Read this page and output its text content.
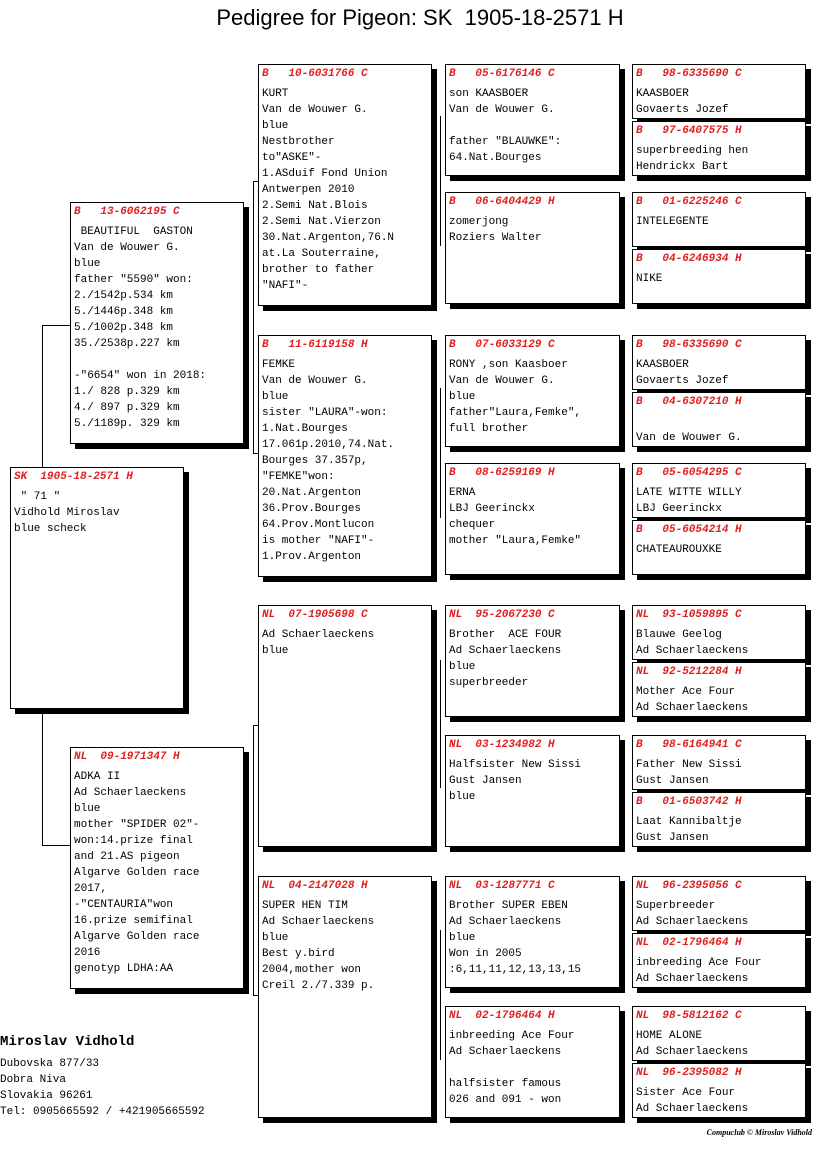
Pedigree for Pigeon: SK  1905-18-2571 H
SK  1905-18-2571 H
" 71 "
Vidhold Miroslav
blue scheck
B   13-6062195 C
BEAUTIFUL  GASTON
Van de Wouwer G.
blue
father "5590" won:
2./1542p.534 km
5./1446p.348 km
5./1002p.348 km
35./2538p.227 km
-"6654" won in 2018:
1./ 828 p.329 km
4./ 897 p.329 km
5./1189p. 329 km
NL  09-1971347 H
ADKA II
Ad Schaerlaeckens
blue
mother "SPIDER 02"-
won:14.prize final
and 21.AS pigeon
Algarve Golden race
2017,
-"CENTAURIA"won
16.prize semifinal
Algarve Golden race
2016
genotyp LDHA:AA
B   10-6031766 C
KURT
Van de Wouwer G.
blue
Nestbrother
to"ASKE"-
1.ASduif Fond Union
Antwerpen 2010
2.Semi Nat.Blois
2.Semi Nat.Vierzon
30.Nat.Argenton,76.N
at.La Souterraine,
brother to father
"NAFI"-
B   11-6119158 H
FEMKE
Van de Wouwer G.
blue
sister "LAURA"-won:
1.Nat.Bourges
17.061p.2010,74.Nat.
Bourges 37.357p,
"FEMKE"won:
20.Nat.Argenton
36.Prov.Bourges
64.Prov.Montlucon
is mother "NAFI"-
1.Prov.Argenton
NL  07-1905698 C
Ad Schaerlaeckens
blue
NL  04-2147028 H
SUPER HEN TIM
Ad Schaerlaeckens
blue
Best y.bird
2004,mother won
Creil 2./7.339 p.
B   05-6176146 C
son KAASBOER
Van de Wouwer G.
father "BLAUWKE":
64.Nat.Bourges
B   06-6404429 H
zomerjong
Roziers Walter
B   07-6033129 C
RONY ,son Kaasboer
Van de Wouwer G.
blue
father"Laura,Femke",
full brother
B   08-6259169 H
ERNA
LBJ Geerinckx
chequer
mother "Laura,Femke"
NL  95-2067230 C
Brother  ACE FOUR
Ad Schaerlaeckens
blue
superbreeder
NL  03-1234982 H
Halfsister New Sissi
Gust Jansen
blue
NL  03-1287771 C
Brother SUPER EBEN
Ad Schaerlaeckens
blue
Won in 2005
:6,11,11,12,13,13,15
NL  02-1796464 H
inbreeding Ace Four
Ad Schaerlaeckens
halfsister famous
026 and 091 - won
B   98-6335690 C
KAASBOER
Govaerts Jozef
B   97-6407575 H
superbreeding hen
Hendrickx Bart
B   01-6225246 C
INTELEGENTE
B   04-6246934 H
NIKE
B   98-6335690 C
KAASBOER
Govaerts Jozef
B   04-6307210 H
Van de Wouwer G.
B   05-6054295 C
LATE WITTE WILLY
LBJ Geerinckx
B   05-6054214 H
CHATEAUROUXKE
NL  93-1059895 C
Blauwe Geelog
Ad Schaerlaeckens
NL  92-5212284 H
Mother Ace Four
Ad Schaerlaeckens
B   98-6164941 C
Father New Sissi
Gust Jansen
B   01-6503742 H
Laat Kannibaltje
Gust Jansen
NL  96-2395056 C
Superbreeder
Ad Schaerlaeckens
NL  02-1796464 H
inbreeding Ace Four
Ad Schaerlaeckens
NL  98-5812162 C
HOME ALONE
Ad Schaerlaeckens
NL  96-2395082 H
Sister Ace Four
Ad Schaerlaeckens
Miroslav Vidhold
Dubovska 877/33
Dobra Niva
Slovakia 96261
Tel: 0905665592 / +421905665592
Compuclub © Miroslav Vidhold
